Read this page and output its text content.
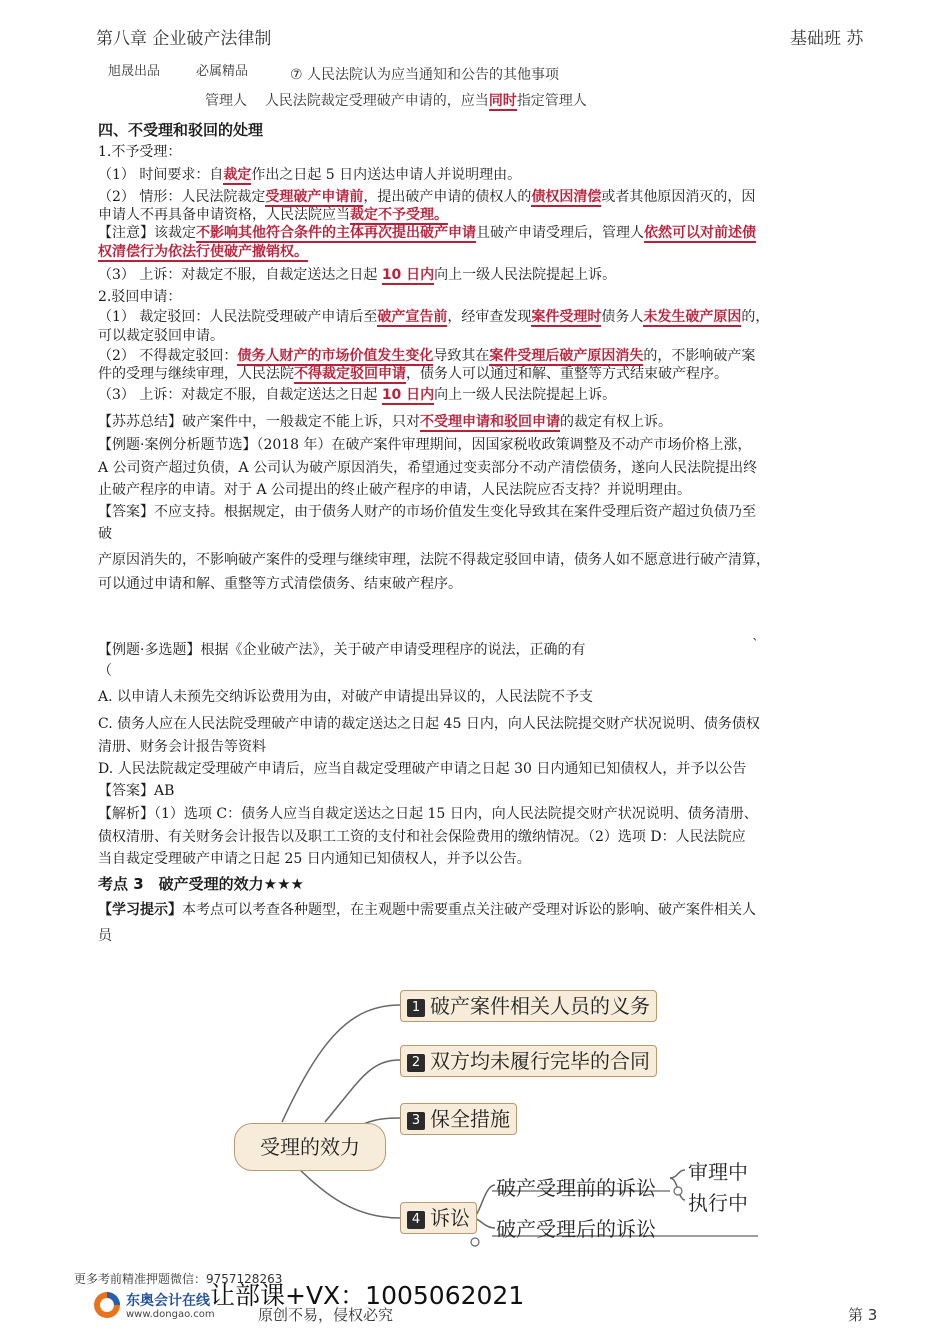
第八章 企业破产法律制	基础班 苏
旭晟出品	必属精品	⑦ 人民法院认为应当通知和公告的其他事项
管理人 人民法院裁定受理破产申请的，应当同时指定管理人
四、不受理和驳回的处理
1.不予受理：
（1） 时间要求：自裁定作出之日起 5 日内送达申请人并说明理由。
（2） 情形：人民法院裁定受理破产申请前，提出破产申请的债权人的债权因清偿或者其他原因消灭的，因
申请人不再具备申请资格，人民法院应当裁定不予受理。
【注意】该裁定不影响其他符合条件的主体再次提出破产申请且破产申请受理后，管理人依然可以对前述债
权清偿行为依法行使破产撤销权。
（3） 上诉：对裁定不服，自裁定送达之日起 10 日内向上一级人民法院提起上诉。
2.驳回申请：
（1） 裁定驳回：人民法院受理破产申请后至破产宣告前，经审查发现案件受理时债务人未发生破产原因的，
可以裁定驳回申请。
（2） 不得裁定驳回：债务人财产的市场价值发生变化导致其在案件受理后破产原因消失的，不影响破产案
件的受理与继续审理，人民法院不得裁定驳回申请，债务人可以通过和解、重整等方式结束破产程序。
（3） 上诉：对裁定不服，自裁定送达之日起 10 日内向上一级人民法院提起上诉。
【苏苏总结】破产案件中，一般裁定不能上诉，只对不受理申请和驳回申请的裁定有权上诉。
【例题·案例分析题节选】（2018 年）在破产案件审理期间，因国家税收政策调整及不动产市场价格上涨，
A 公司资产超过负债，A 公司认为破产原因消失，希望通过变卖部分不动产清偿债务，遂向人民法院提出终
止破产程序的申请。对于 A 公司提出的终止破产程序的申请，人民法院应否支持？并说明理由。
【答案】不应支持。根据规定，由于债务人财产的市场价值发生变化导致其在案件受理后资产超过负债乃至
破
产原因消失的，不影响破产案件的受理与继续审理，法院不得裁定驳回申请，债务人如不愿意进行破产清算，
可以通过申请和解、重整等方式清偿债务、结束破产程序。
【例题·多选题】根据《企业破产法》，关于破产申请受理程序的说法，正确的有	`
（
A. 以申请人未预先交纳诉讼费用为由，对破产申请提出异议的，人民法院不予支
C. 债务人应在人民法院受理破产申请的裁定送达之日起 45 日内，向人民法院提交财产状况说明、债务债权
清册、财务会计报告等资料
D. 人民法院裁定受理破产申请后，应当自裁定受理破产申请之日起 30 日内通知已知债权人，并予以公告
【答案】AB
【解析】（1）选项 C：债务人应当自裁定送达之日起 15 日内，向人民法院提交财产状况说明、债务清册、
债权清册、有关财务会计报告以及职工工资的支付和社会保险费用的缴纳情况。（2）选项 D：人民法院应
当自裁定受理破产申请之日起 25 日内通知已知债权人，并予以公告。
考点 3　破产受理的效力★★★
【学习提示】本考点可以考查各种题型，在主观题中需要重点关注破产受理对诉讼的影响、破产案件相关人
员
受理的效力
1 破产案件相关人员的义务
2 双方均未履行完毕的合同
3 保全措施
4 诉讼
破产受理前的诉讼
破产受理后的诉讼
审理中
执行中
更多考前精准押题微信：9757128263
让部课+VX：1005062021
东奥会计在线
www.dongao.com	原创不易，侵权必究	第 3
